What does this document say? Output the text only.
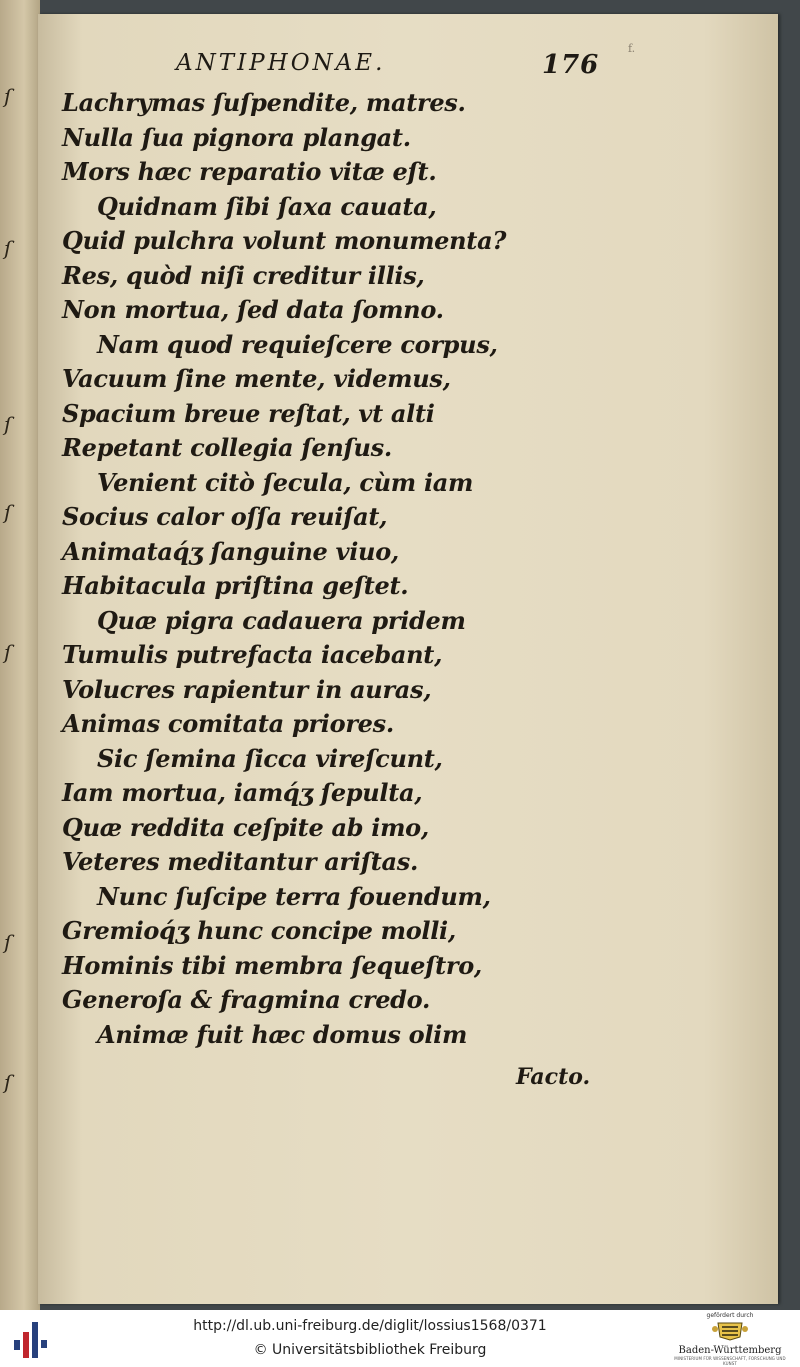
ſ
ſ
ſ
ſ
ſ
ſ
ſ
ANTIPHONAE.	176
f.
Lachrymas ſuſpendite, matres.
Nulla ſua pignora plangat.
Mors hæc reparatio vitæ eſt.
Quidnam ſibi ſaxa cauata,
Quid pulchra volunt monumenta?
Res, quòd niſi creditur illis,
Non mortua, ſed data ſomno.
Nam quod requieſcere corpus,
Vacuum ſine mente, videmus,
Spacium breue reſtat, vt alti
Repetant collegia ſenſus.
Venient citò ſecula, cùm iam
Socius calor oſſa reuiſat,
Animataq́ʒ ſanguine viuo,
Habitacula priſtina geſtet.
Quæ pigra cadauera pridem
Tumulis putrefacta iacebant,
Volucres rapientur in auras,
Animas comitata priores.
Sic ſemina ſicca vireſcunt,
Iam mortua, iamq́ʒ ſepulta,
Quæ reddita ceſpite ab imo,
Veteres meditantur ariſtas.
Nunc ſuſcipe terra fouendum,
Gremioq́ʒ hunc concipe molli,
Hominis tibi membra ſequeſtro,
Generoſa & fragmina credo.
Animæ fuit hæc domus olim
Facto.
http://dl.ub.uni-freiburg.de/diglit/lossius1568/0371
© Universitätsbibliothek Freiburg
gefördert durch
Baden-Württemberg
MINISTERIUM FÜR WISSENSCHAFT, FORSCHUNG UND KUNST
